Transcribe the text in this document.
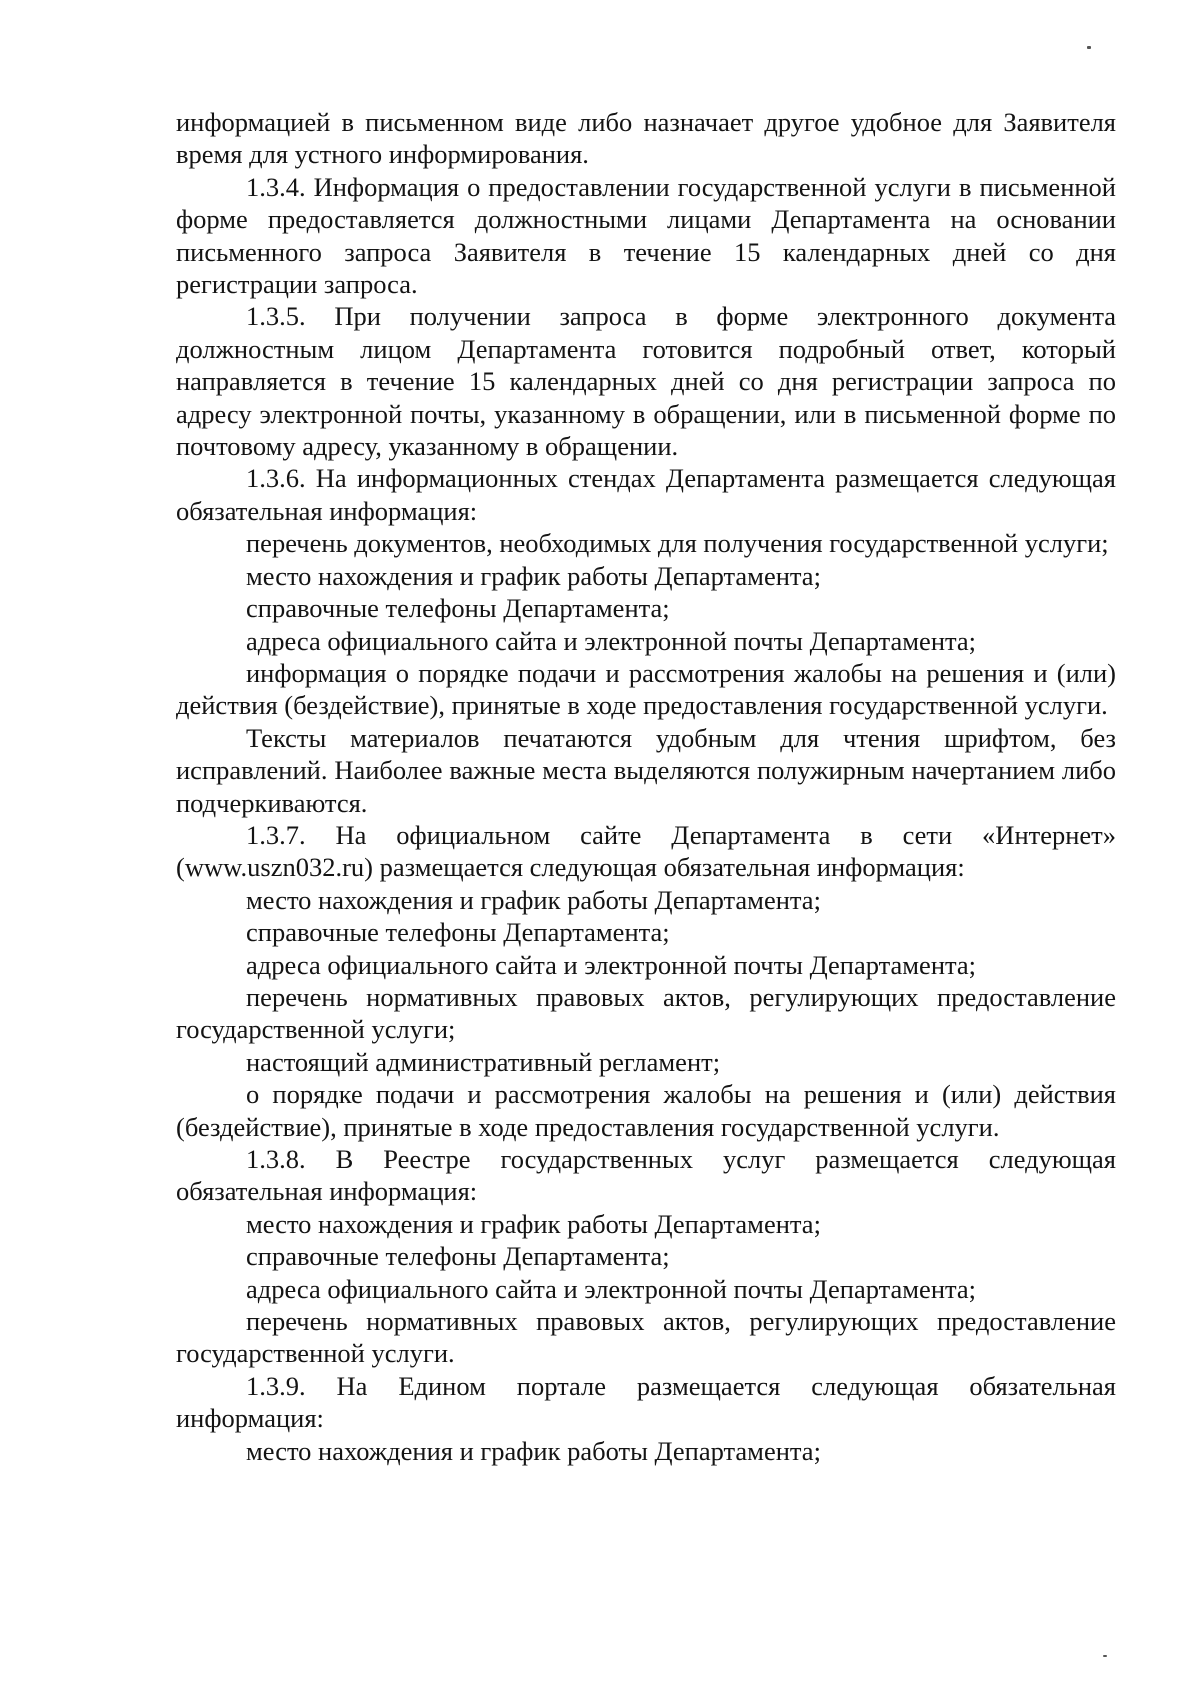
информацией в письменном виде либо назначает другое удобное для Заявителя время для устного информирования.

1.3.4. Информация о предоставлении государственной услуги в письменной форме предоставляется должностными лицами Департамента на основании письменного запроса Заявителя в течение 15 календарных дней со дня регистрации запроса.

1.3.5. При получении запроса в форме электронного документа должностным лицом Департамента готовится подробный ответ, который направляется в течение 15 календарных дней со дня регистрации запроса по адресу электронной почты, указанному в обращении, или в письменной форме по почтовому адресу, указанному в обращении.

1.3.6. На информационных стендах Департамента размещается следующая обязательная информация:

перечень документов, необходимых для получения государственной услуги;

место нахождения и график работы Департамента;

справочные телефоны Департамента;

адреса официального сайта и электронной почты Департамента;

информация о порядке подачи и рассмотрения жалобы на решения и (или) действия (бездействие), принятые в ходе предоставления государственной услуги.

Тексты материалов печатаются удобным для чтения шрифтом, без исправлений. Наиболее важные места выделяются полужирным начертанием либо подчеркиваются.

1.3.7. На официальном сайте Департамента в сети «Интернет» (www.uszn032.ru) размещается следующая обязательная информация:

место нахождения и график работы Департамента;

справочные телефоны Департамента;

адреса официального сайта и электронной почты Департамента;

перечень нормативных правовых актов, регулирующих предоставление государственной услуги;

настоящий административный регламент;

о порядке подачи и рассмотрения жалобы на решения и (или) действия (бездействие), принятые в ходе предоставления государственной услуги.

1.3.8. В Реестре государственных услуг размещается следующая обязательная информация:

место нахождения и график работы Департамента;

справочные телефоны Департамента;

адреса официального сайта и электронной почты Департамента;

перечень нормативных правовых актов, регулирующих предоставление государственной услуги.

1.3.9. На Едином портале размещается следующая обязательная информация:

место нахождения и график работы Департамента;
